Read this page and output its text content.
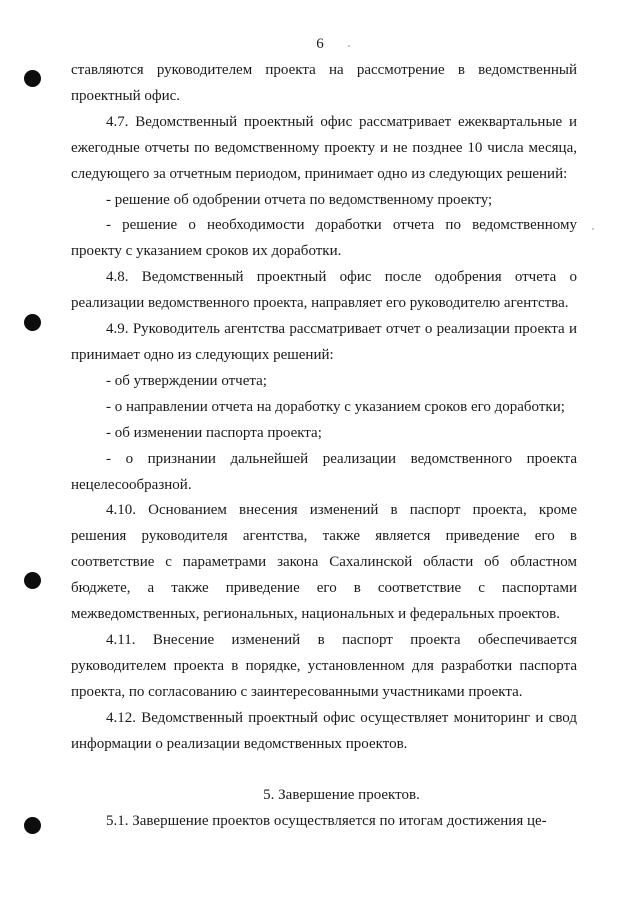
6

ставляются руководителем проекта на рассмотрение в ведомственный проектный офис.

4.7. Ведомственный проектный офис рассматривает ежеквартальные и ежегодные отчеты по ведомственному проекту и не позднее 10 числа месяца, следующего за отчетным периодом, принимает одно из следующих решений:

- решение об одобрении отчета по ведомственному проекту;

- решение о необходимости доработки отчета по ведомственному проекту с указанием сроков их доработки.

4.8. Ведомственный проектный офис после одобрения отчета о реализации ведомственного проекта, направляет его руководителю агентства.

4.9. Руководитель агентства рассматривает отчет о реализации проекта и принимает одно из следующих решений:

- об утверждении отчета;

- о направлении отчета на доработку с указанием сроков его доработки;

- об изменении паспорта проекта;

- о признании дальнейшей реализации ведомственного проекта нецелесообразной.

4.10. Основанием внесения изменений в паспорт проекта, кроме решения руководителя агентства, также является приведение его в соответствие с параметрами закона Сахалинской области об областном бюджете, а также приведение его в соответствие с паспортами межведомственных, региональных, национальных и федеральных проектов.

4.11. Внесение изменений в паспорт проекта обеспечивается руководителем проекта в порядке, установленном для разработки паспорта проекта, по согласованию с заинтересованными участниками проекта.

4.12. Ведомственный проектный офис осуществляет мониторинг и свод информации о реализации ведомственных проектов.

5. Завершение проектов.

5.1. Завершение проектов осуществляется по итогам достижения це-
